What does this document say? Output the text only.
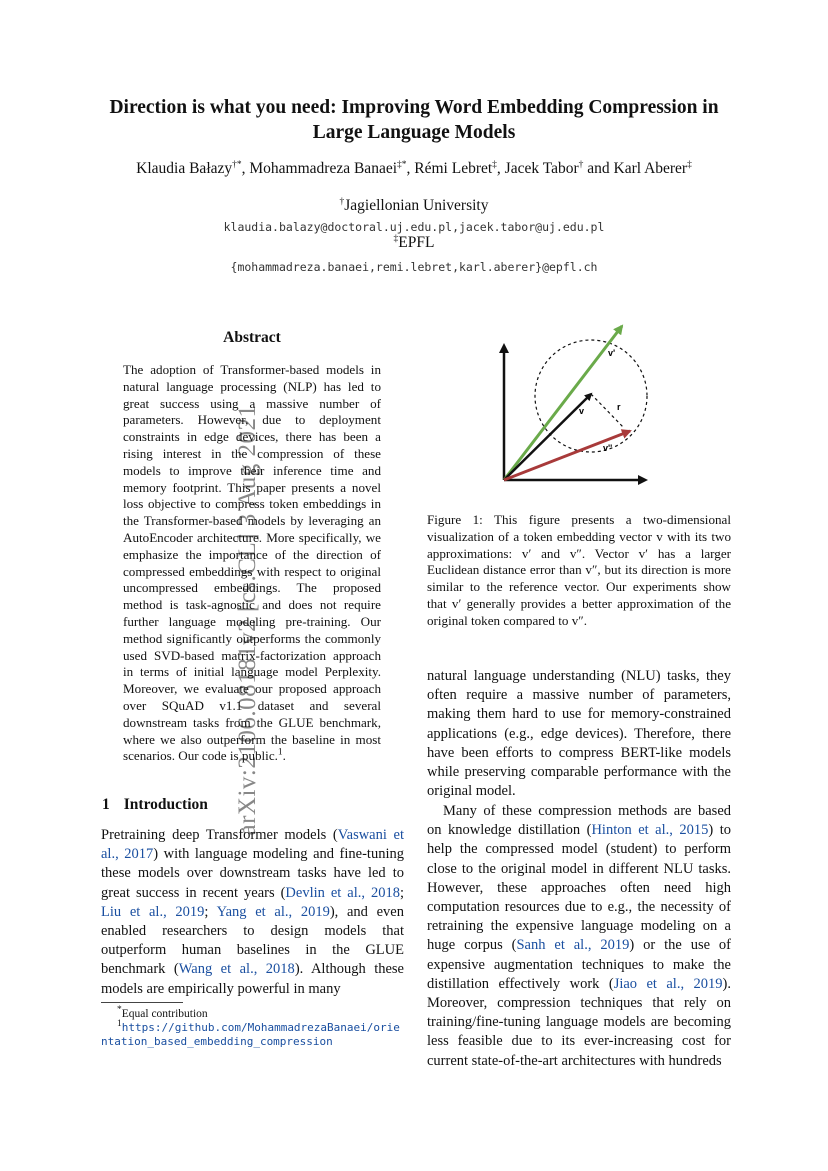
arXiv:2106.08181v2 [cs.CL] 3 Aug 2021
Direction is what you need: Improving Word Embedding Compression in
Large Language Models
Klaudia Bałazy†*, Mohammadreza Banaei‡*, Rémi Lebret‡, Jacek Tabor† and Karl Aberer‡
†Jagiellonian University
klaudia.balazy@doctoral.uj.edu.pl,jacek.tabor@uj.edu.pl
‡EPFL
{mohammadreza.banaei,remi.lebret,karl.aberer}@epfl.ch
Abstract
The adoption of Transformer-based models in natural language processing (NLP) has led to great success using a massive number of parameters. However, due to deployment constraints in edge devices, there has been a rising interest in the compression of these models to improve their inference time and memory footprint. This paper presents a novel loss objective to compress token embeddings in the Transformer-based models by leveraging an AutoEncoder architecture. More specifically, we emphasize the importance of the direction of compressed embeddings with respect to original uncompressed embeddings. The proposed method is task-agnostic and does not require further language modeling pre-training. Our method significantly outperforms the commonly used SVD-based matrix-factorization approach in terms of initial language model Perplexity. Moreover, we evaluate our proposed approach over SQuAD v1.1 dataset and several downstream tasks from the GLUE benchmark, where we also outperform the baseline in most scenarios. Our code is public.$^1$.
v'
v	r
v''
Figure 1: This figure presents a two-dimensional visualization of a token embedding vector v with its two approximations: v′ and v″. Vector v′ has a larger Euclidean distance error than v″, but its direction is more similar to the reference vector. Our experiments show that v′ generally provides a better approximation of the original token compared to v″.
1 Introduction
Pretraining deep Transformer models (Vaswani et al., 2017) with language modeling and fine-tuning these models over downstream tasks have led to great success in recent years (Devlin et al., 2018; Liu et al., 2019; Yang et al., 2019), and even enabled researchers to design models that outperform human baselines in the GLUE benchmark (Wang et al., 2018). Although these models are empirically powerful in many
*Equal contribution
$^1$https://github.com/MohammadrezaBanaei/orientation_based_embedding_compression
natural language understanding (NLU) tasks, they often require a massive number of parameters, making them hard to use for memory-constrained applications (e.g., edge devices). Therefore, there have been efforts to compress BERT-like models while preserving comparable performance with the original model.
Many of these compression methods are based on knowledge distillation (Hinton et al., 2015) to help the compressed model (student) to perform close to the original model in different NLU tasks. However, these approaches often need high computation resources due to e.g., the necessity of retraining the expensive language modeling on a huge corpus (Sanh et al., 2019) or the use of expensive augmentation techniques to make the distillation effectively work (Jiao et al., 2019). Moreover, compression techniques that rely on training/fine-tuning language models are becoming less feasible due to its ever-increasing cost for current state-of-the-art architectures with hundreds
